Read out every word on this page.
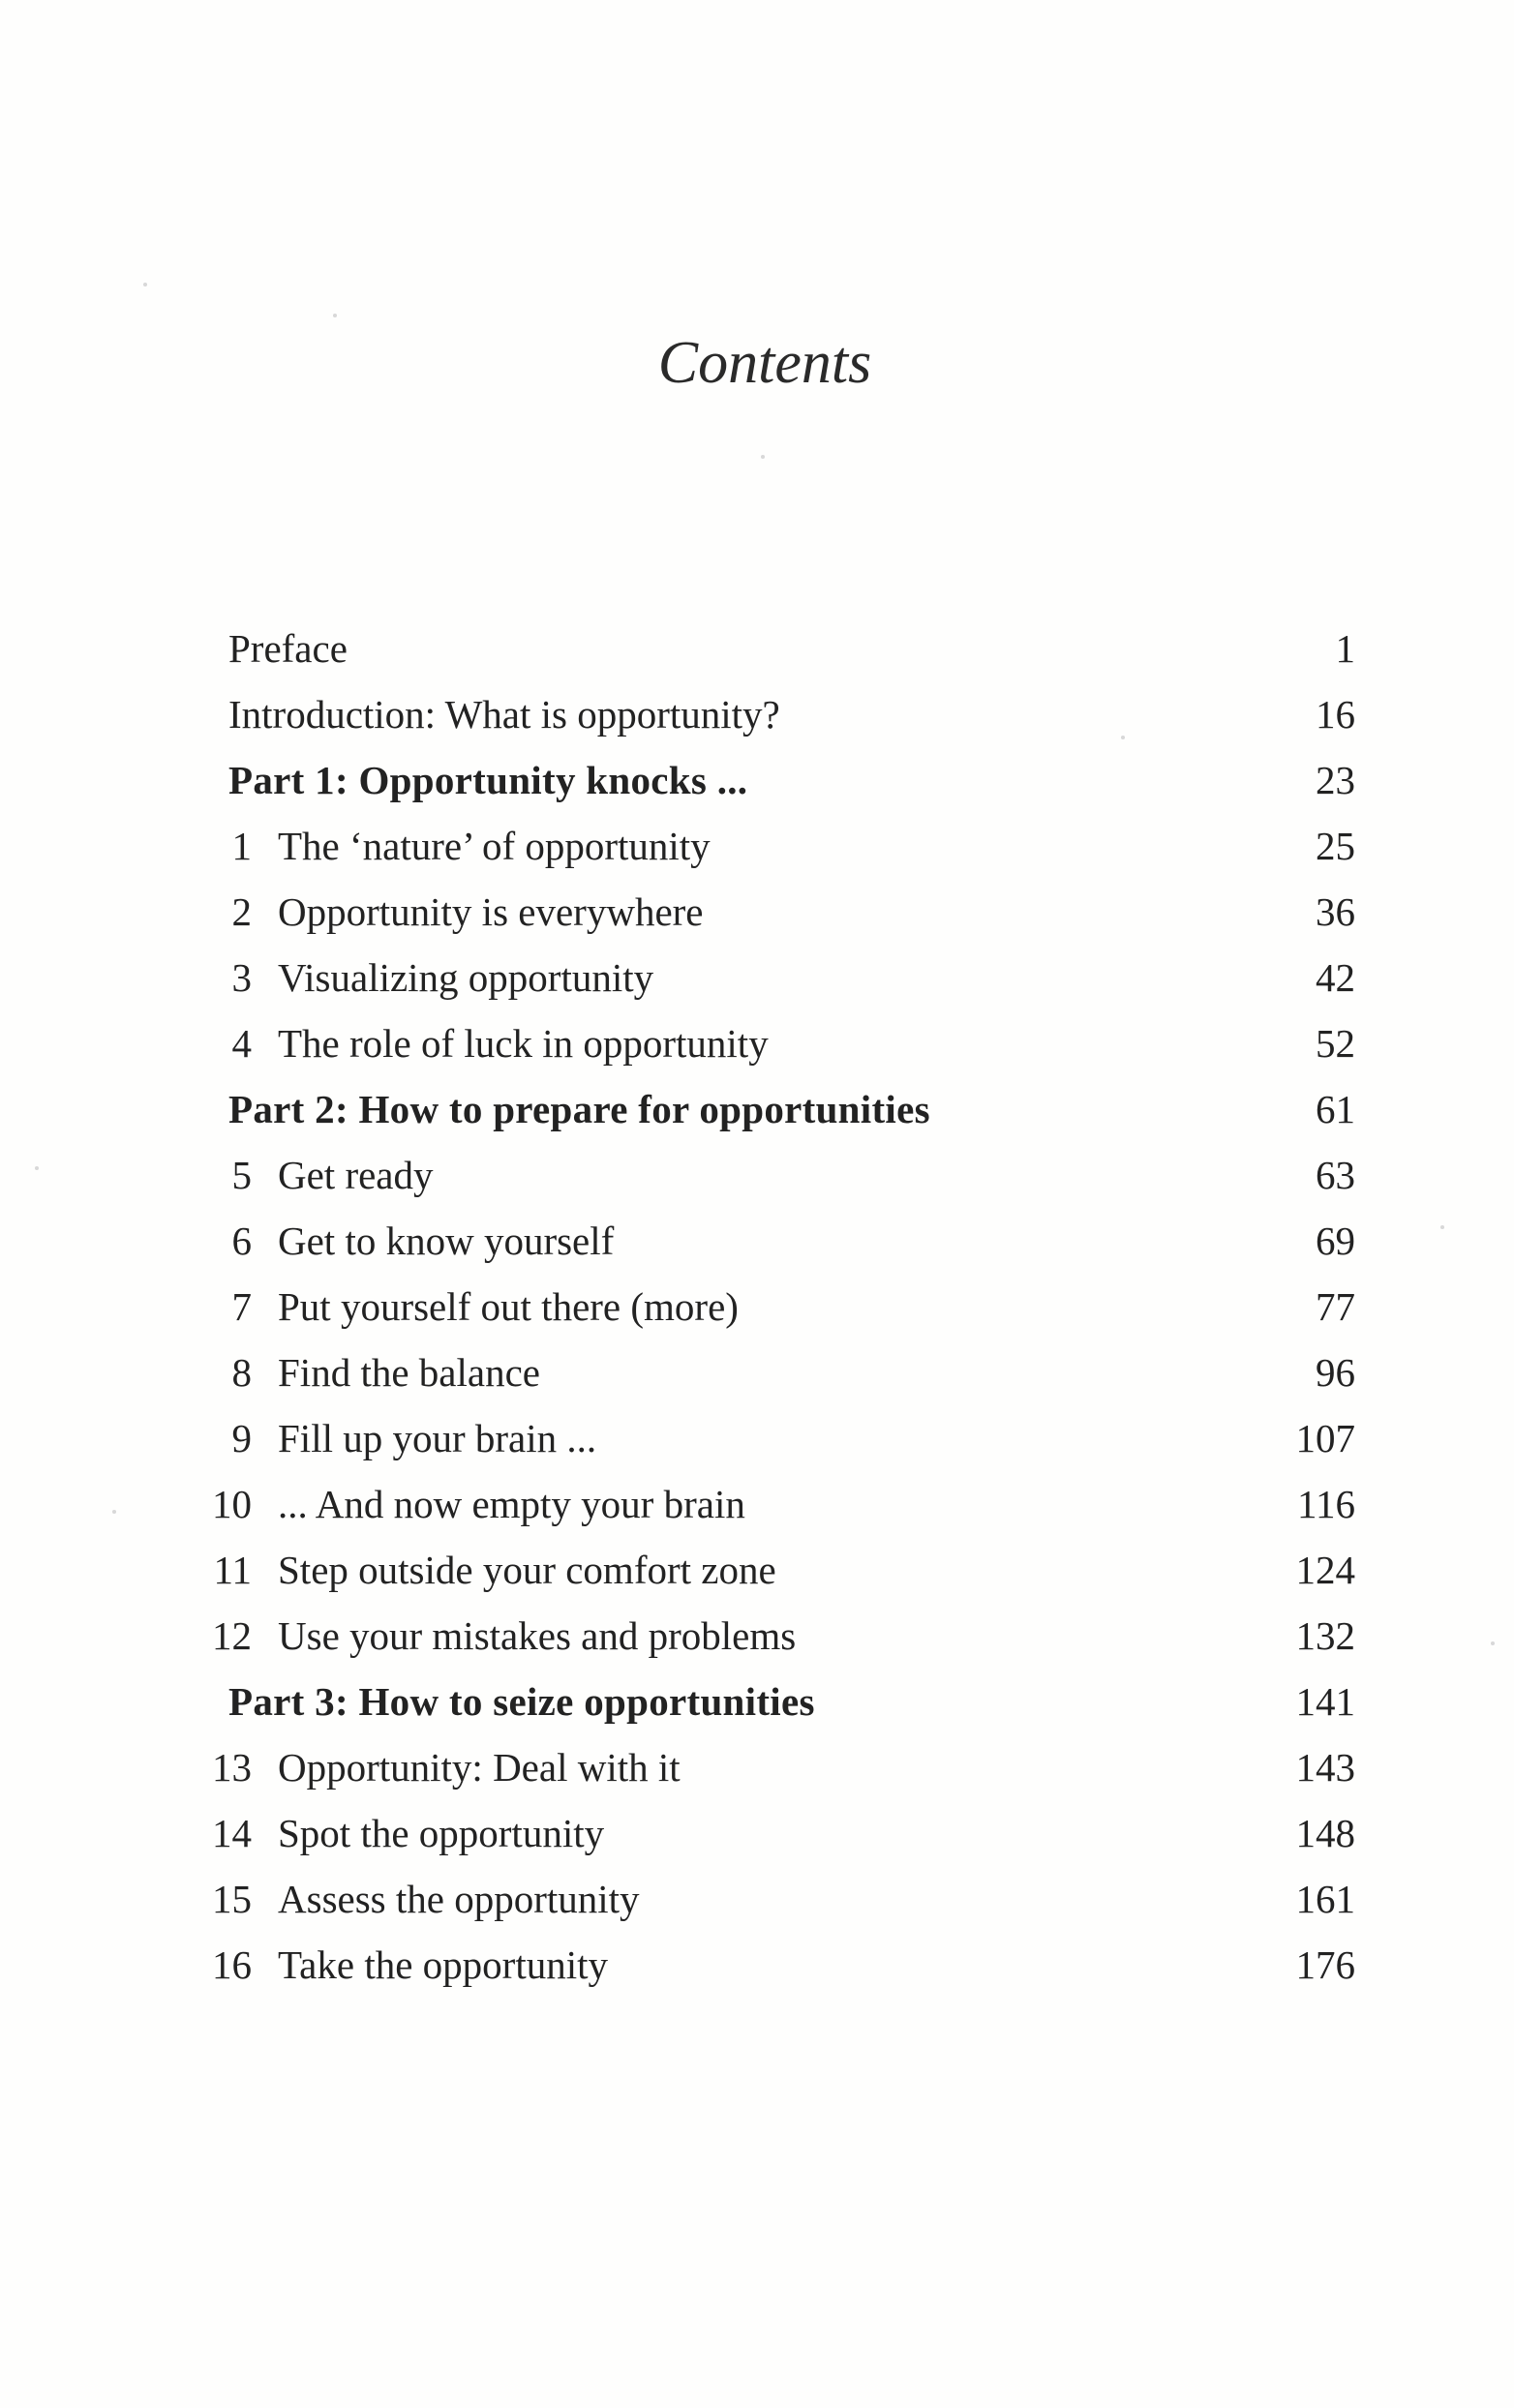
Contents
Preface	1
Introduction: What is opportunity?	16
Part 1: Opportunity knocks ...	23
1 The ‘nature’ of opportunity	25
2 Opportunity is everywhere	36
3 Visualizing opportunity	42
4 The role of luck in opportunity	52
Part 2: How to prepare for opportunities	61
5 Get ready	63
6 Get to know yourself	69
7 Put yourself out there (more)	77
8 Find the balance	96
9 Fill up your brain ...	107
10 ... And now empty your brain	116
11 Step outside your comfort zone	124
12 Use your mistakes and problems	132
Part 3: How to seize opportunities	141
13 Opportunity: Deal with it	143
14 Spot the opportunity	148
15 Assess the opportunity	161
16 Take the opportunity	176
